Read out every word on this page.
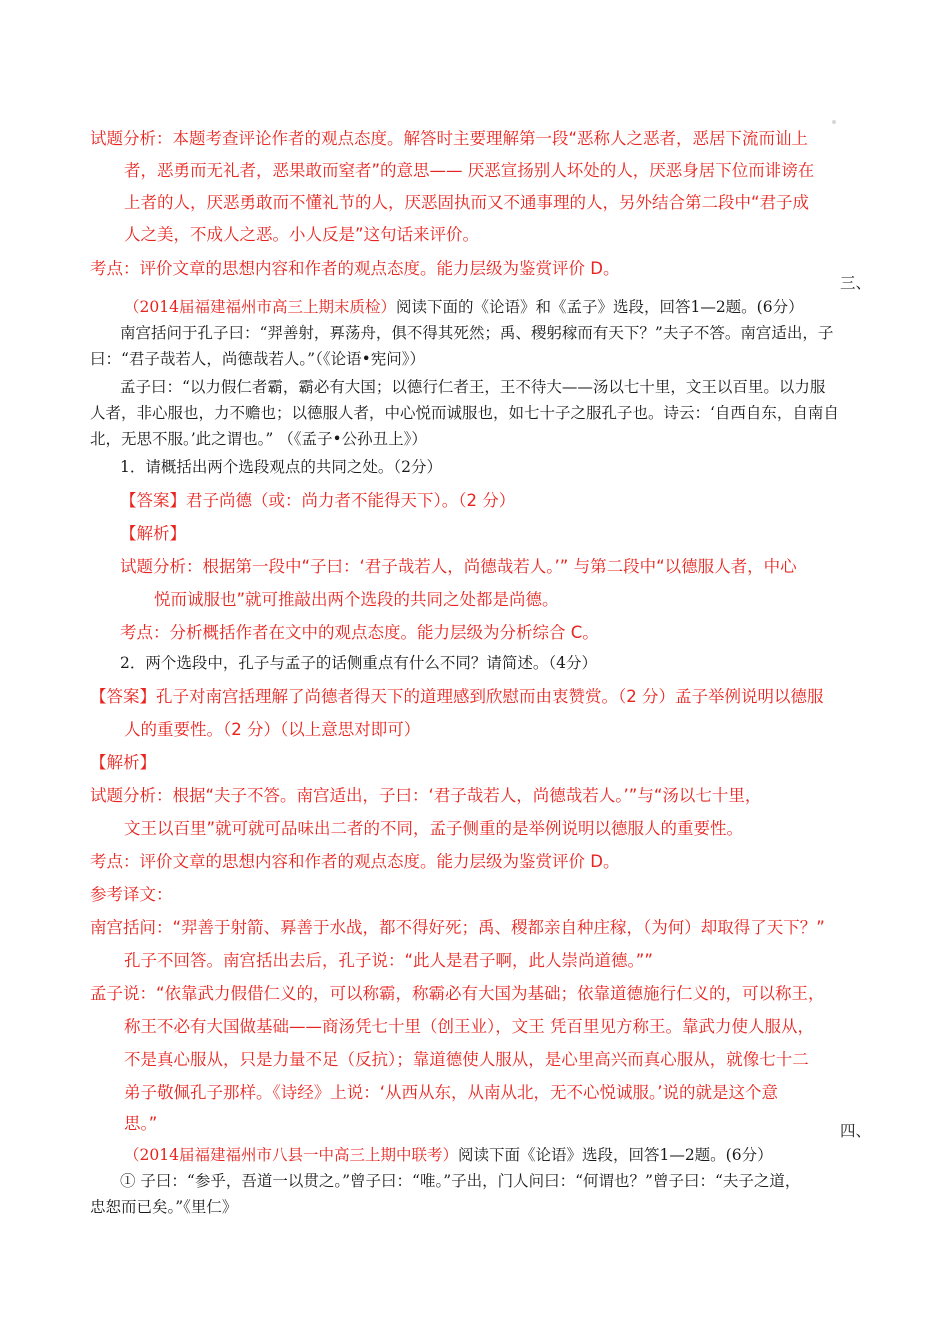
试题分析：本题考查评论作者的观点态度。解答时主要理解第一段“恶称人之恶者，恶居下流而讪上
者，恶勇而无礼者，恶果敢而窒者”的意思—— 厌恶宣扬别人坏处的人，厌恶身居下位而诽谤在
上者的人，厌恶勇敢而不懂礼节的人，厌恶固执而又不通事理的人，另外结合第二段中“君子成
人之美，不成人之恶。小人反是”这句话来评价。
考点：评价文章的思想内容和作者的观点态度。能力层级为鉴赏评价 D。
三、
（2014届福建福州市高三上期末质检）阅读下面的《论语》和《孟子》选段，回答1—2题。(6分）
南宫括问于孔子曰：“羿善射，奡荡舟，俱不得其死然；禹、稷躬稼而有天下？”夫子不答。南宫适出，子
曰：“君子哉若人，尚德哉若人。”（《论语•宪问》）
孟子曰：“以力假仁者霸，霸必有大国；以德行仁者王，王不待大——汤以七十里，文王以百里。以力服
人者，非心服也，力不赡也；以德服人者，中心悦而诚服也，如七十子之服孔子也。诗云：‘自西自东，自南自
北，无思不服。’此之谓也。” （《孟子•公孙丑上》）
1．请概括出两个选段观点的共同之处。（2分）
【答案】君子尚德（或：尚力者不能得天下）。（2 分）
【解析】
试题分析：根据第一段中“子曰：‘君子哉若人，尚德哉若人。’” 与第二段中“以德服人者，中心
悦而诚服也”就可推敲出两个选段的共同之处都是尚德。
考点：分析概括作者在文中的观点态度。能力层级为分析综合 C。
2．两个选段中，孔子与孟子的话侧重点有什么不同？请简述。（4分）
【答案】孔子对南宫括理解了尚德者得天下的道理感到欣慰而由衷赞赏。（2 分）孟子举例说明以德服
人的重要性。（2 分）（以上意思对即可）
【解析】
试题分析：根据“夫子不答。南宫适出，子曰：‘君子哉若人，尚德哉若人。’”与“汤以七十里，
文王以百里”就可就可品味出二者的不同，孟子侧重的是举例说明以德服人的重要性。
考点：评价文章的思想内容和作者的观点态度。能力层级为鉴赏评价 D。
参考译文：
南宫括问：“羿善于射箭、奡善于水战，都不得好死；禹、稷都亲自种庄稼，（为何）却取得了天下？”
孔子不回答。南宫括出去后，孔子说：“此人是君子啊，此人崇尚道德。””
孟子说：“依靠武力假借仁义的，可以称霸，称霸必有大国为基础；依靠道德施行仁义的，可以称王，
称王不必有大国做基础——商汤凭七十里（创王业），文王 凭百里见方称王。靠武力使人服从，
不是真心服从，只是力量不足（反抗）；靠道德使人服从，是心里高兴而真心服从，就像七十二
弟子敬佩孔子那样。《诗经》上说：‘从西从东，从南从北，无不心悦诚服。’说的就是这个意
思。”	四、
（2014届福建福州市八县一中高三上期中联考）阅读下面《论语》选段，回答1—2题。(6分）
① 子曰：“参乎，吾道一以贯之。”曾子曰：“唯。”子出，门人问曰：“何谓也？”曾子曰：“夫子之道，
忠恕而已矣。”《里仁》
